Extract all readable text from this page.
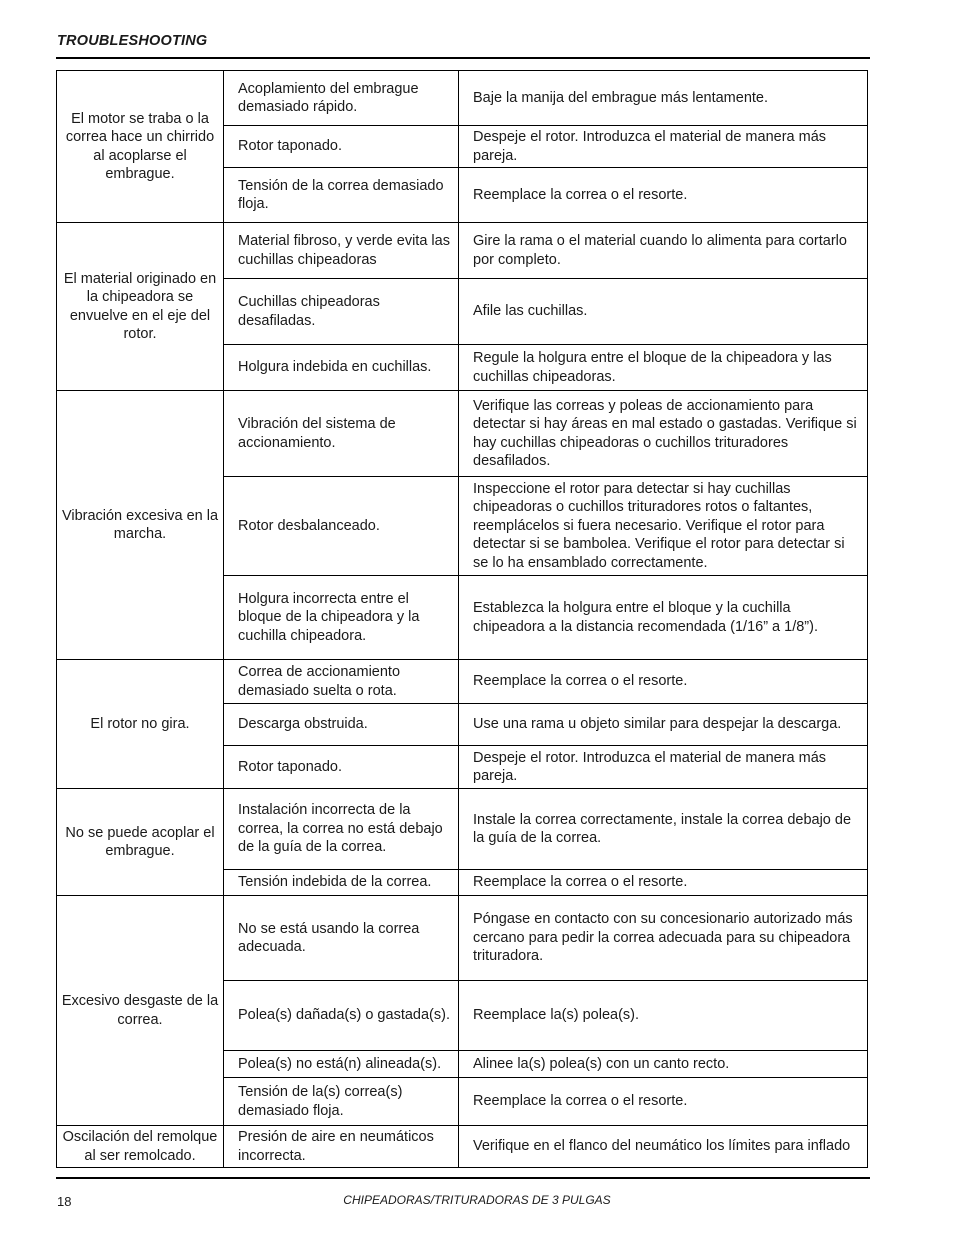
TROUBLESHOOTING
El motor se traba o la correa hace un chirrido al acoplarse el embrague.	Acoplamiento del embrague demasiado rápido.	Baje la manija del embrague más lentamente.
	Rotor taponado.	Despeje el rotor. Introduzca el material de manera más pareja.
	Tensión de la correa demasiado floja.	Reemplace la correa o el resorte.
El material originado en la chipeadora se envuelve en el eje del rotor.	Material fibroso, y verde evita las cuchillas chipeadoras	Gire la rama o el material cuando lo alimenta para cortarlo por completo.
	Cuchillas chipeadoras desafiladas.	Afile las cuchillas.
	Holgura indebida en cuchillas.	Regule la holgura entre el bloque de la chipeadora y las cuchillas chipeadoras.
Vibración excesiva en la marcha.	Vibración del sistema de accionamiento.	Verifique las correas y poleas de accionamiento para detectar si hay áreas en mal estado o gastadas. Verifique si hay cuchillas chipeadoras o cuchillos trituradores desafilados.
	Rotor desbalanceado.	Inspeccione el rotor para detectar si hay cuchillas chipeadoras o cuchillos trituradores rotos o faltantes, reemplácelos si fuera necesario. Verifique el rotor para detectar si se bambolea. Verifique el rotor para detectar si se lo ha ensamblado correctamente.
	Holgura incorrecta entre el bloque de la chipeadora y la cuchilla chipeadora.	Establezca la holgura entre el bloque y la cuchilla chipeadora a la distancia recomendada (1/16” a 1/8”).
El rotor no gira.	Correa de accionamiento demasiado suelta o rota.	Reemplace la correa o el resorte.
	Descarga obstruida.	Use una rama u objeto similar para despejar la descarga.
	Rotor taponado.	Despeje el rotor. Introduzca el material de manera más pareja.
No se puede acoplar el embrague.	Instalación incorrecta de la correa, la correa no está debajo de la guía de la correa.	Instale la correa correctamente, instale la correa debajo de la guía de la correa.
	Tensión indebida de la correa.	Reemplace la correa o el resorte.
Excesivo desgaste de la correa.	No se está usando la correa adecuada.	Póngase en contacto con su concesionario autorizado más cercano para pedir la correa adecuada para su chipeadora trituradora.
	Polea(s) dañada(s) o gastada(s).	Reemplace la(s) polea(s).
	Polea(s) no está(n) alineada(s).	Alinee la(s) polea(s) con un canto recto.
	Tensión de la(s) correa(s) demasiado floja.	Reemplace la correa o el resorte.
Oscilación del remolque al ser remolcado.	Presión de aire en neumáticos incorrecta.	Verifique en el flanco del neumático los límites para inflado
18	CHIPEADORAS/TRITURADORAS DE 3 PULGAS
